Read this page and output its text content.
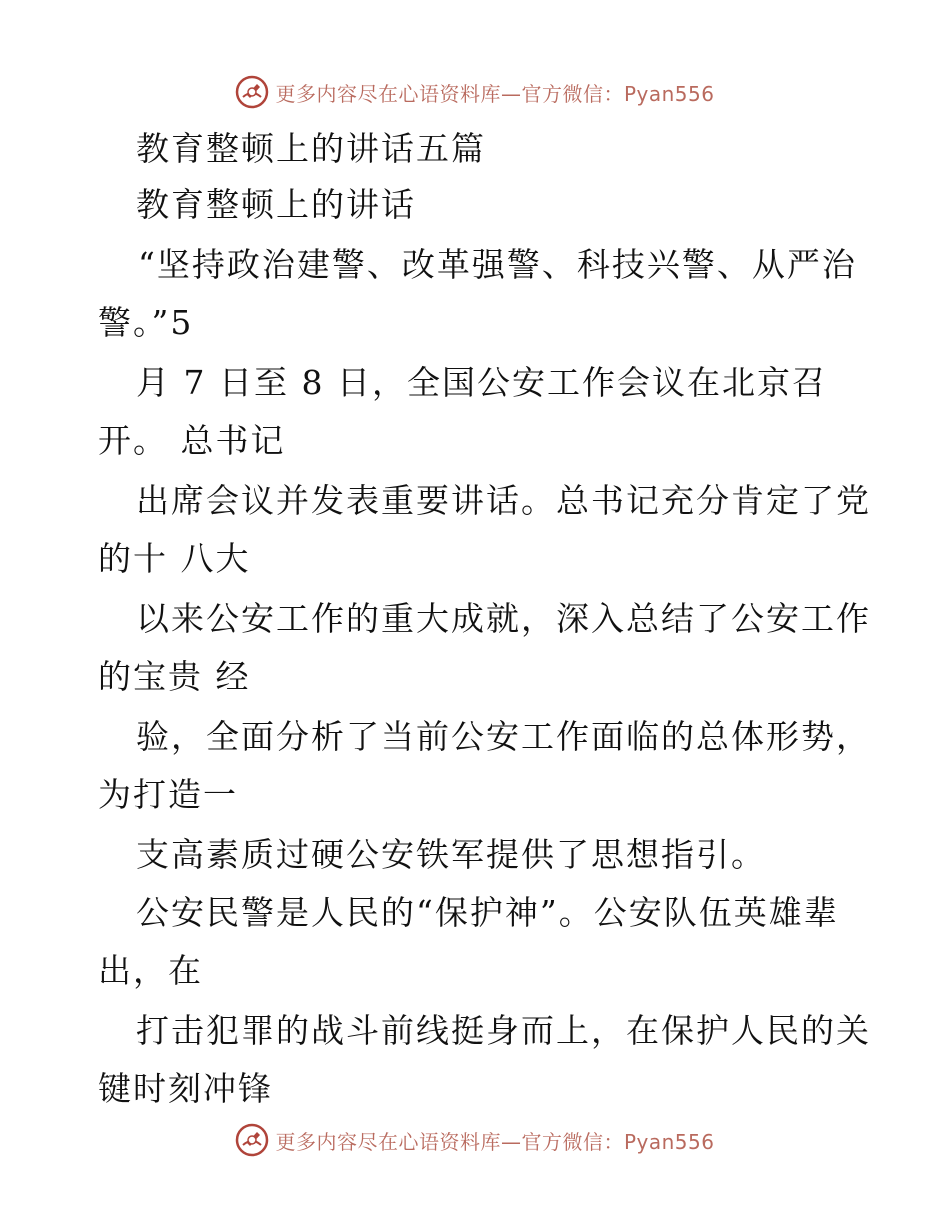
更多内容尽在心语资料库—官方微信：Pyan556
教育整顿上的讲话五篇
教育整顿上的讲话
“坚持政治建警、改革强警、科技兴警、从严治
警。”5
月 7 日至 8 日，全国公安工作会议在北京召
开。 总书记
出席会议并发表重要讲话。总书记充分肯定了党
的十 八大
以来公安工作的重大成就，深入总结了公安工作
的宝贵 经
验，全面分析了当前公安工作面临的总体形势，
为打造一
支高素质过硬公安铁军提供了思想指引。
公安民警是人民的“保护神”。公安队伍英雄辈
出，在
打击犯罪的战斗前线挺身而上，在保护人民的关
键时刻冲锋
更多内容尽在心语资料库—官方微信：Pyan556
